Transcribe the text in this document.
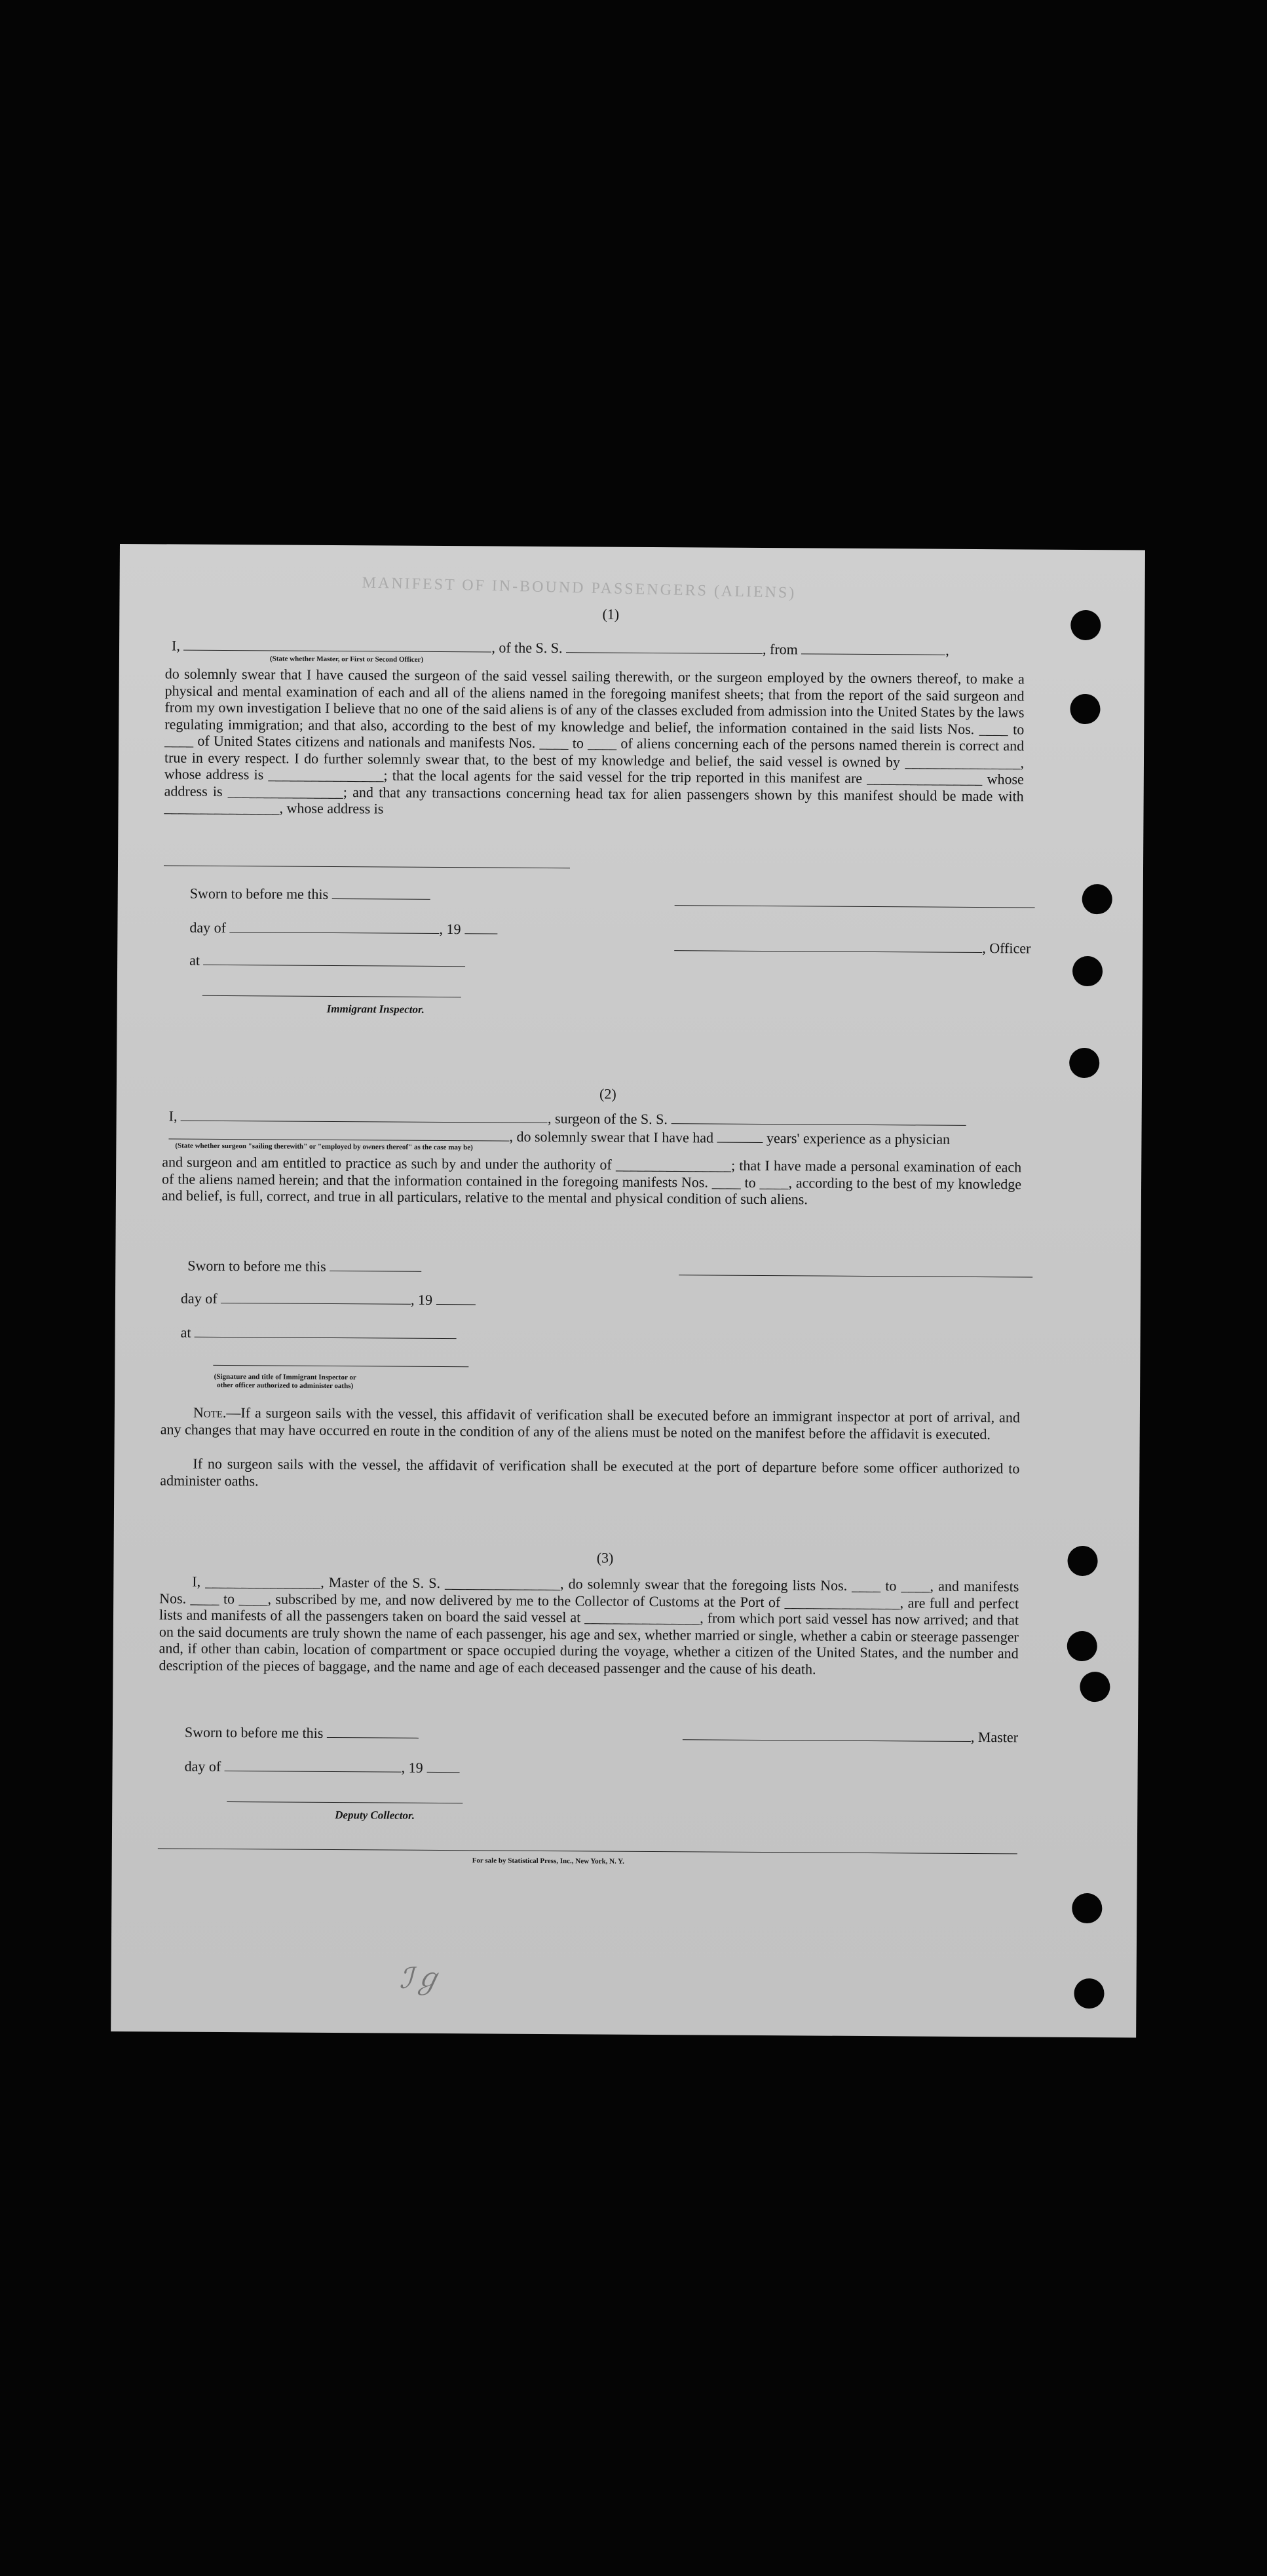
MANIFEST OF IN-BOUND PASSENGERS (ALIENS)
(1)
I,	, of the S. S.	, from	,
(State whether Master, or First or Second Officer)
do solemnly swear that I have caused the surgeon of the said vessel sailing therewith, or the surgeon employed by the owners thereof, to make a physical and mental examination of each and all of the aliens named in the foregoing manifest sheets; that from the report of the said surgeon and from my own investigation I believe that no one of the said aliens is of any of the classes excluded from admission into the United States by the laws regulating immigration; and that also, according to the best of my knowledge and belief, the information contained in the said lists Nos. ____ to ____ of United States citizens and nationals and manifests Nos. ____ to ____ of aliens concerning each of the persons named therein is correct and true in every respect. I do further solemnly swear that, to the best of my knowledge and belief, the said vessel is owned by ________________, whose address is ________________; that the local agents for the said vessel for the trip reported in this manifest are ________________ whose address is ________________; and that any transactions concerning head tax for alien passengers shown by this manifest should be made with ________________, whose address is
Sworn to before me this
day of	, 19
at
Immigrant Inspector.
, Officer
(2)
I,	, surgeon of the S. S.
, do solemnly swear that I have had	years' experience as a physician
(State whether surgeon "sailing therewith" or "employed by owners thereof" as the case may be)
and surgeon and am entitled to practice as such by and under the authority of ________________; that I have made a personal examination of each of the aliens named herein; and that the information contained in the foregoing manifests Nos. ____ to ____, according to the best of my knowledge and belief, is full, correct, and true in all particulars, relative to the mental and physical condition of such aliens.
Sworn to before me this
day of	, 19
at
(Signature and title of Immigrant Inspector or other officer authorized to administer oaths)
Note.—If a surgeon sails with the vessel, this affidavit of verification shall be executed before an immigrant inspector at port of arrival, and any changes that may have occurred en route in the condition of any of the aliens must be noted on the manifest before the affidavit is executed.
If no surgeon sails with the vessel, the affidavit of verification shall be executed at the port of departure before some officer authorized to administer oaths.
(3)
I, ________________, Master of the S. S. ________________, do solemnly swear that the foregoing lists Nos. ____ to ____, and manifests Nos. ____ to ____, subscribed by me, and now delivered by me to the Collector of Customs at the Port of ________________, are full and perfect lists and manifests of all the passengers taken on board the said vessel at ________________, from which port said vessel has now arrived; and that on the said documents are truly shown the name of each passenger, his age and sex, whether married or single, whether a cabin or steerage passenger and, if other than cabin, location of compartment or space occupied during the voyage, whether a citizen of the United States, and the number and description of the pieces of baggage, and the name and age of each deceased passenger and the cause of his death.
Sworn to before me this	, Master
day of	, 19
Deputy Collector.
For sale by Statistical Press, Inc., New York, N. Y.
ℐℊ
